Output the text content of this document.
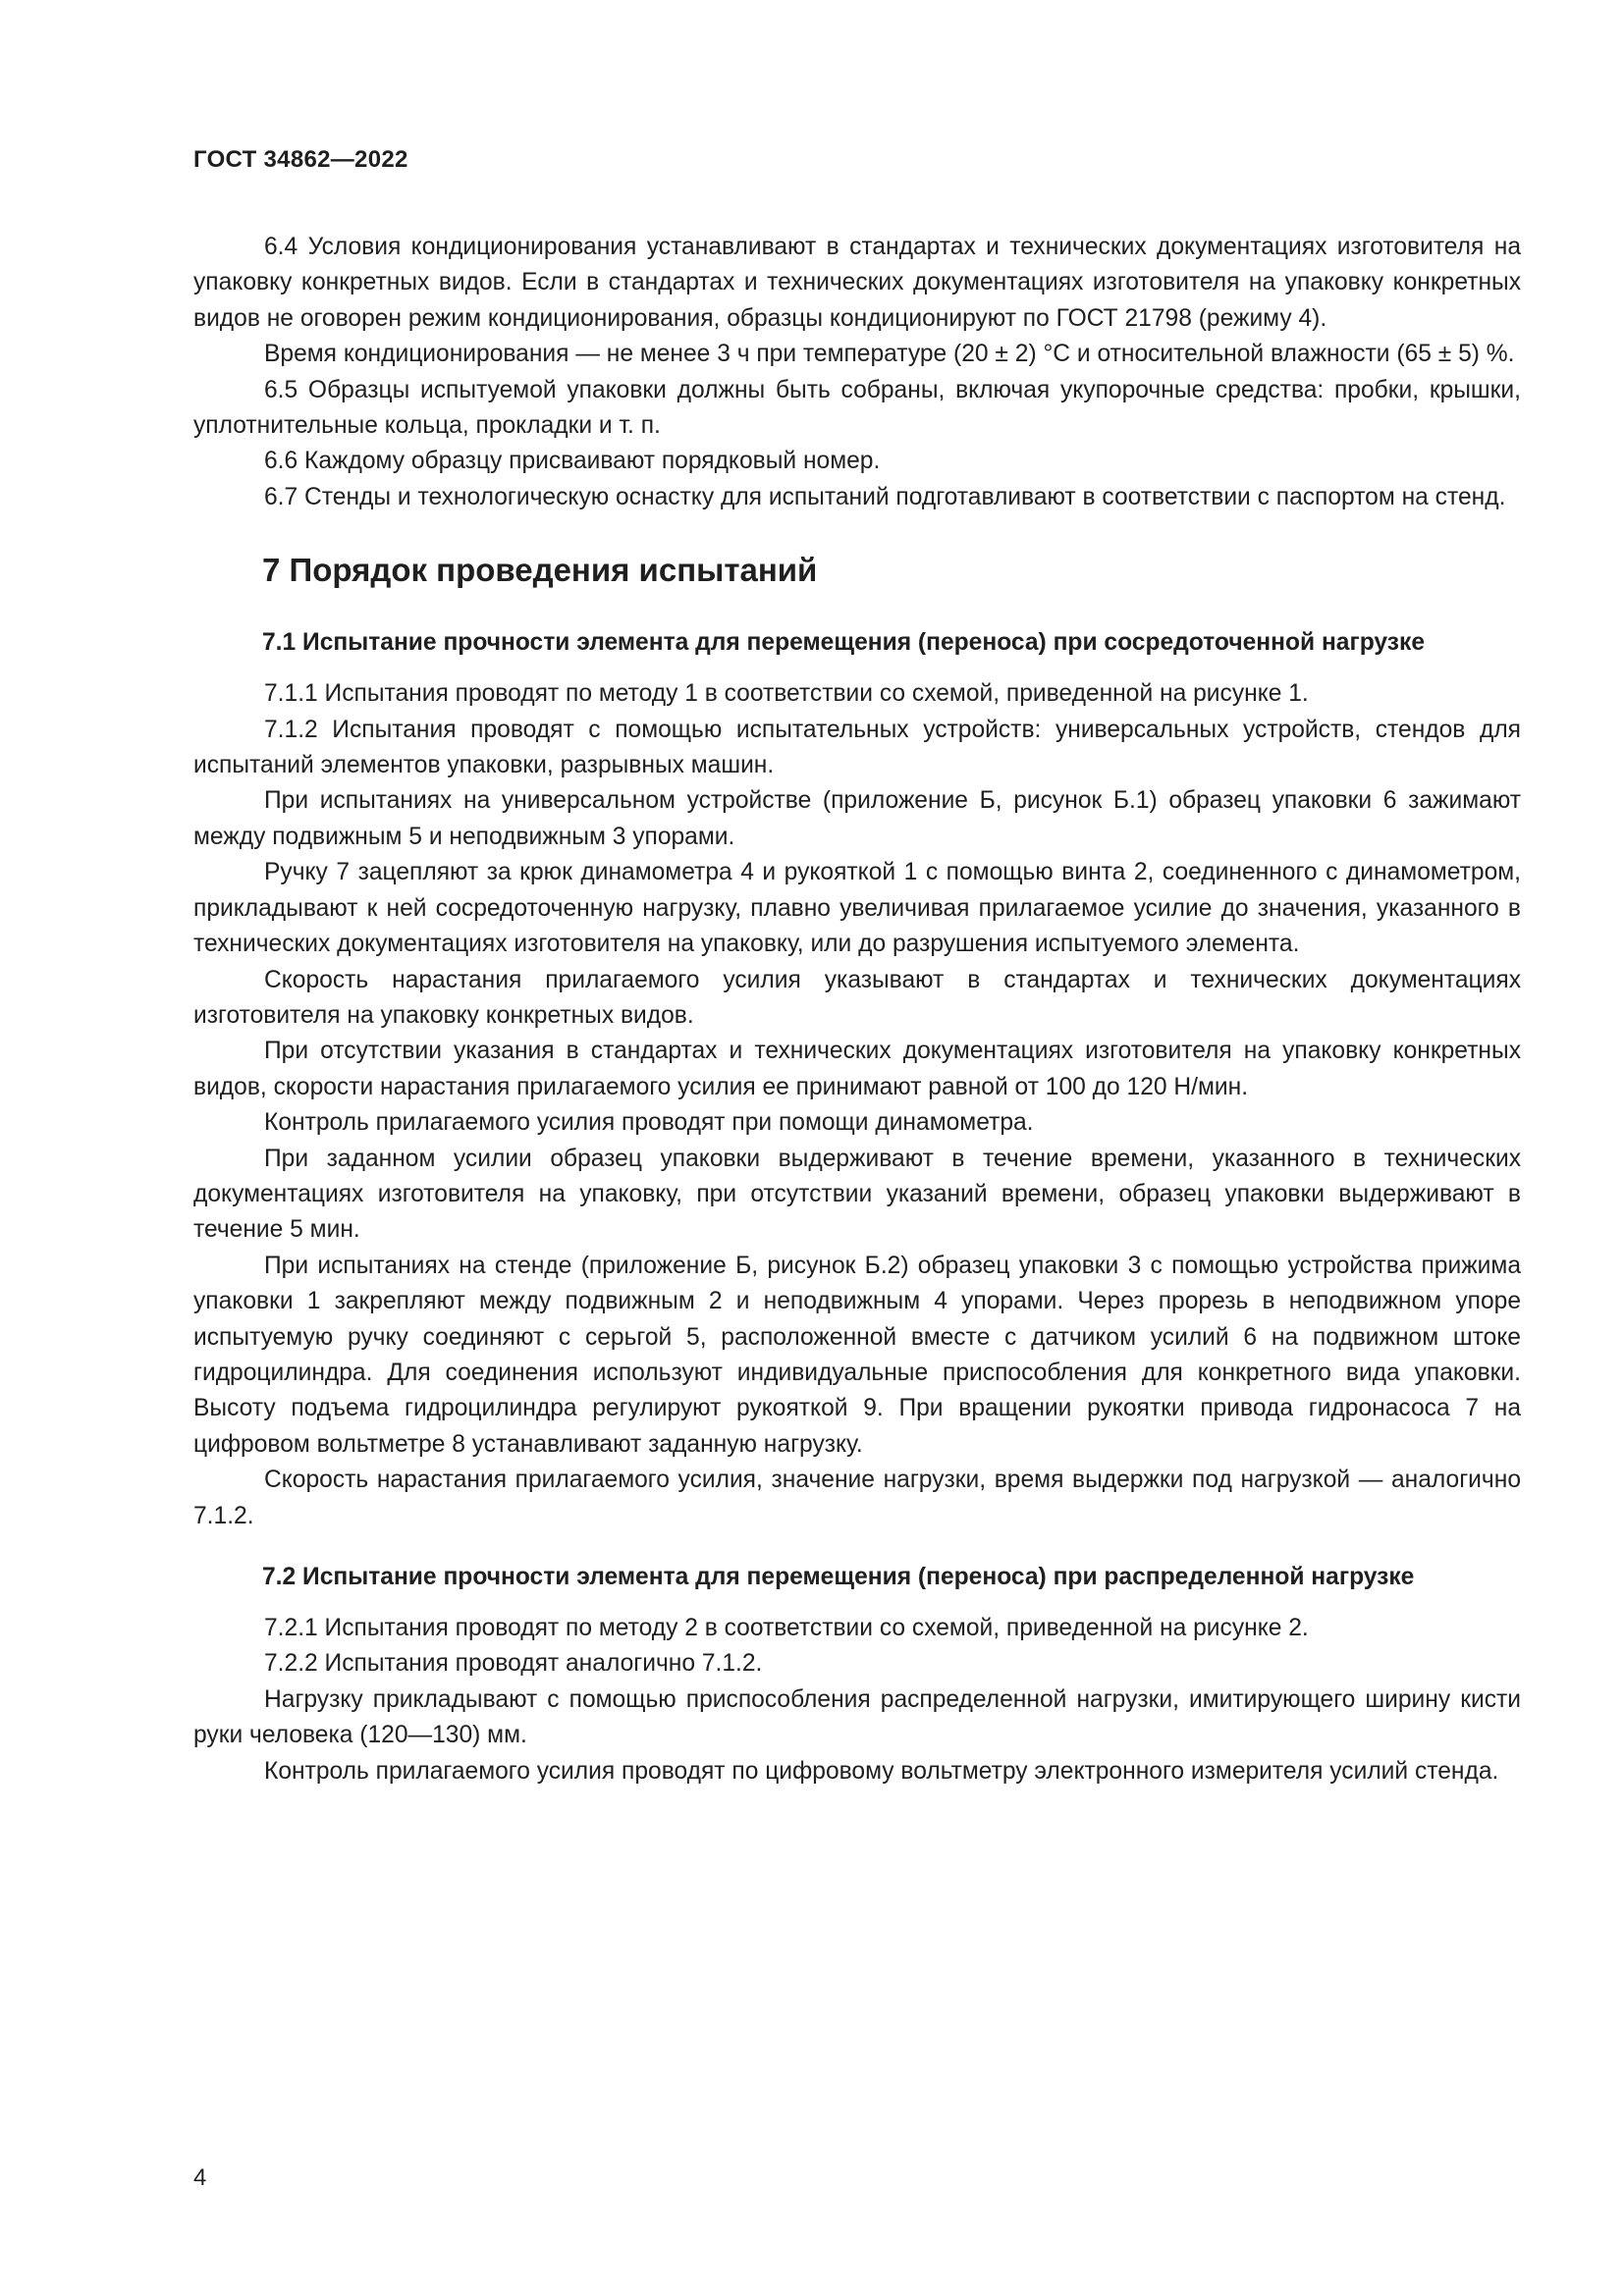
ГОСТ 34862—2022

6.4 Условия кондиционирования устанавливают в стандартах и технических документациях изготовителя на упаковку конкретных видов. Если в стандартах и технических документациях изготовителя на упаковку конкретных видов не оговорен режим кондиционирования, образцы кондиционируют по ГОСТ 21798 (режиму 4).

Время кондиционирования — не менее 3 ч при температуре (20 ± 2) °С и относительной влажности (65 ± 5) %.

6.5 Образцы испытуемой упаковки должны быть собраны, включая укупорочные средства: пробки, крышки, уплотнительные кольца, прокладки и т. п.

6.6 Каждому образцу присваивают порядковый номер.

6.7 Стенды и технологическую оснастку для испытаний подготавливают в соответствии с паспортом на стенд.

7 Порядок проведения испытаний
7.1 Испытание прочности элемента для перемещения (переноса) при сосредоточенной нагрузке

7.1.1 Испытания проводят по методу 1 в соответствии со схемой, приведенной на рисунке 1.

7.1.2 Испытания проводят с помощью испытательных устройств: универсальных устройств, стендов для испытаний элементов упаковки, разрывных машин.

При испытаниях на универсальном устройстве (приложение Б, рисунок Б.1) образец упаковки 6 зажимают между подвижным 5 и неподвижным 3 упорами.

Ручку 7 зацепляют за крюк динамометра 4 и рукояткой 1 с помощью винта 2, соединенного с динамометром, прикладывают к ней сосредоточенную нагрузку, плавно увеличивая прилагаемое усилие до значения, указанного в технических документациях изготовителя на упаковку, или до разрушения испытуемого элемента.

Скорость нарастания прилагаемого усилия указывают в стандартах и технических документациях изготовителя на упаковку конкретных видов.

При отсутствии указания в стандартах и технических документациях изготовителя на упаковку конкретных видов, скорости нарастания прилагаемого усилия ее принимают равной от 100 до 120 Н/мин.

Контроль прилагаемого усилия проводят при помощи динамометра.

При заданном усилии образец упаковки выдерживают в течение времени, указанного в технических документациях изготовителя на упаковку, при отсутствии указаний времени, образец упаковки выдерживают в течение 5 мин.

При испытаниях на стенде (приложение Б, рисунок Б.2) образец упаковки 3 с помощью устройства прижима упаковки 1 закрепляют между подвижным 2 и неподвижным 4 упорами. Через прорезь в неподвижном упоре испытуемую ручку соединяют с серьгой 5, расположенной вместе с датчиком усилий 6 на подвижном штоке гидроцилиндра. Для соединения используют индивидуальные приспособления для конкретного вида упаковки. Высоту подъема гидроцилиндра регулируют рукояткой 9. При вращении рукоятки привода гидронасоса 7 на цифровом вольтметре 8 устанавливают заданную нагрузку.

Скорость нарастания прилагаемого усилия, значение нагрузки, время выдержки под нагрузкой — аналогично 7.1.2.

7.2 Испытание прочности элемента для перемещения (переноса) при распределенной нагрузке

7.2.1 Испытания проводят по методу 2 в соответствии со схемой, приведенной на рисунке 2.

7.2.2 Испытания проводят аналогично 7.1.2.

Нагрузку прикладывают с помощью приспособления распределенной нагрузки, имитирующего ширину кисти руки человека (120—130) мм.

Контроль прилагаемого усилия проводят по цифровому вольтметру электронного измерителя усилий стенда.

4
